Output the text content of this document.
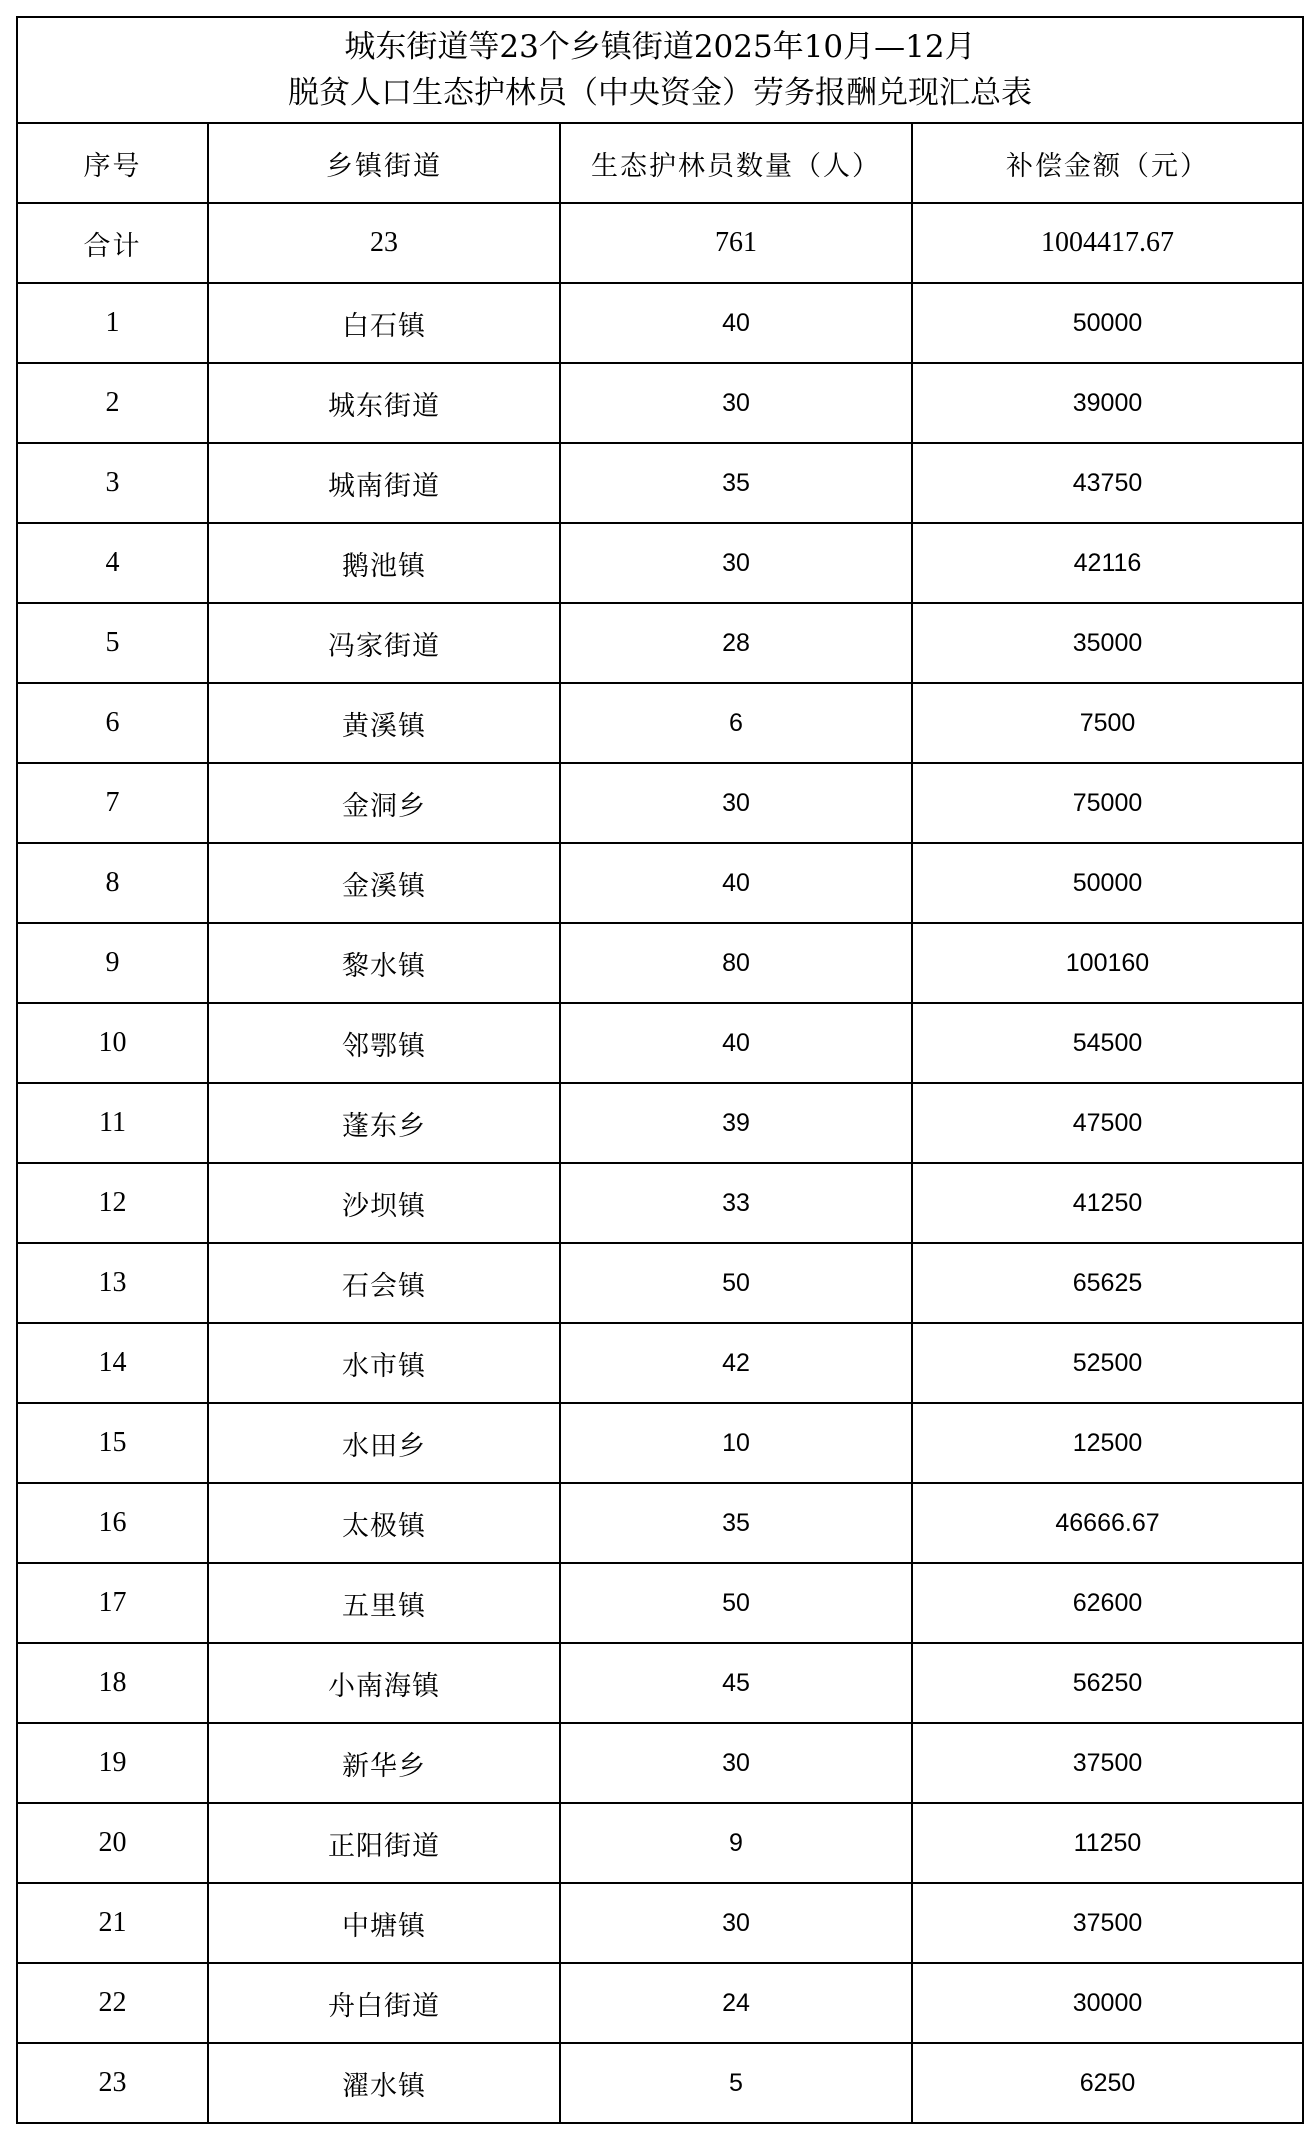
城东街道等23个乡镇街道2025年10月—12月
脱贫人口生态护林员（中央资金）劳务报酬兑现汇总表			

序号	乡镇街道	生态护林员数量（人）	补偿金额（元）
合计	23	761	1004417.67
1	白石镇	40	50000
2	城东街道	30	39000
3	城南街道	35	43750
4	鹅池镇	30	42116
5	冯家街道	28	35000
6	黄溪镇	6	7500
7	金洞乡	30	75000
8	金溪镇	40	50000
9	黎水镇	80	100160
10	邻鄂镇	40	54500
11	蓬东乡	39	47500
12	沙坝镇	33	41250
13	石会镇	50	65625
14	水市镇	42	52500
15	水田乡	10	12500
16	太极镇	35	46666.67
17	五里镇	50	62600
18	小南海镇	45	56250
19	新华乡	30	37500
20	正阳街道	9	11250
21	中塘镇	30	37500
22	舟白街道	24	30000
23	濯水镇	5	6250
